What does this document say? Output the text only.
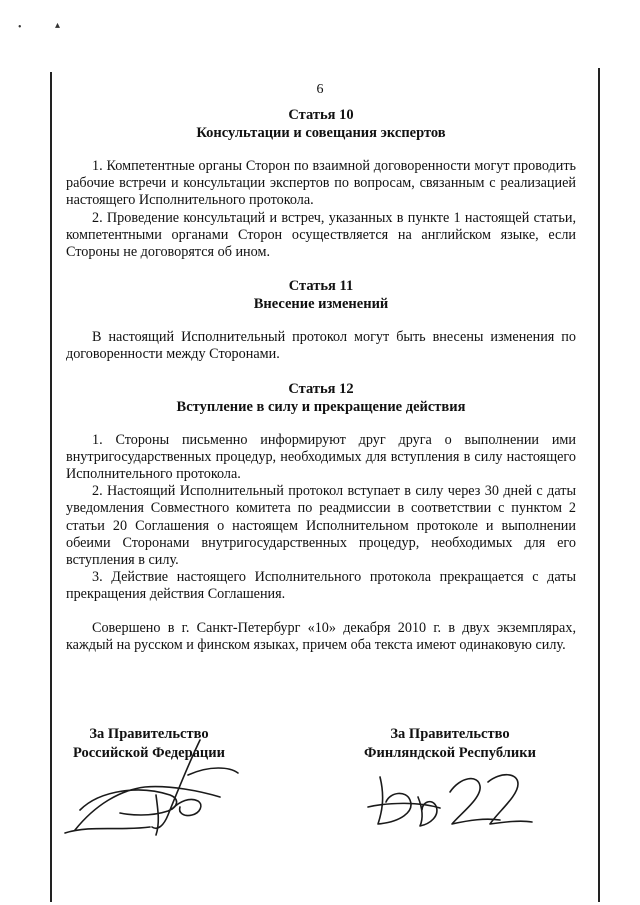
•	▴
6
Статья 10
Консультации и совещания экспертов

1. Компетентные органы Сторон по взаимной договоренности могут проводить рабочие встречи и консультации экспертов по вопросам, связанным с реализацией настоящего Исполнительного протокола.

2. Проведение консультаций и встреч, указанных в пункте 1 настоящей статьи, компетентными органами Сторон осуществляется на английском языке, если Стороны не договорятся об ином.

Статья 11
Внесение изменений

В настоящий Исполнительный протокол могут быть внесены изменения по договоренности между Сторонами.

Статья 12
Вступление в силу и прекращение действия

1. Стороны письменно информируют друг друга о выполнении ими внутригосударственных процедур, необходимых для вступления в силу настоящего Исполнительного протокола.

2. Настоящий Исполнительный протокол вступает в силу через 30 дней с даты уведомления Совместного комитета по реадмиссии в соответствии с пунктом 2 статьи 20 Соглашения о настоящем Исполнительном протоколе и выполнении обеими Сторонами внутригосударственных процедур, необходимых для его вступления в силу.

3. Действие настоящего Исполнительного протокола прекращается с даты прекращения действия Соглашения.

Совершено в г. Санкт-Петербург «10» декабря 2010 г. в двух экземплярах, каждый на русском и финском языках, причем оба текста имеют одинаковую силу.

За Правительство
Российской Федерации
За Правительство
Финляндской Республики
